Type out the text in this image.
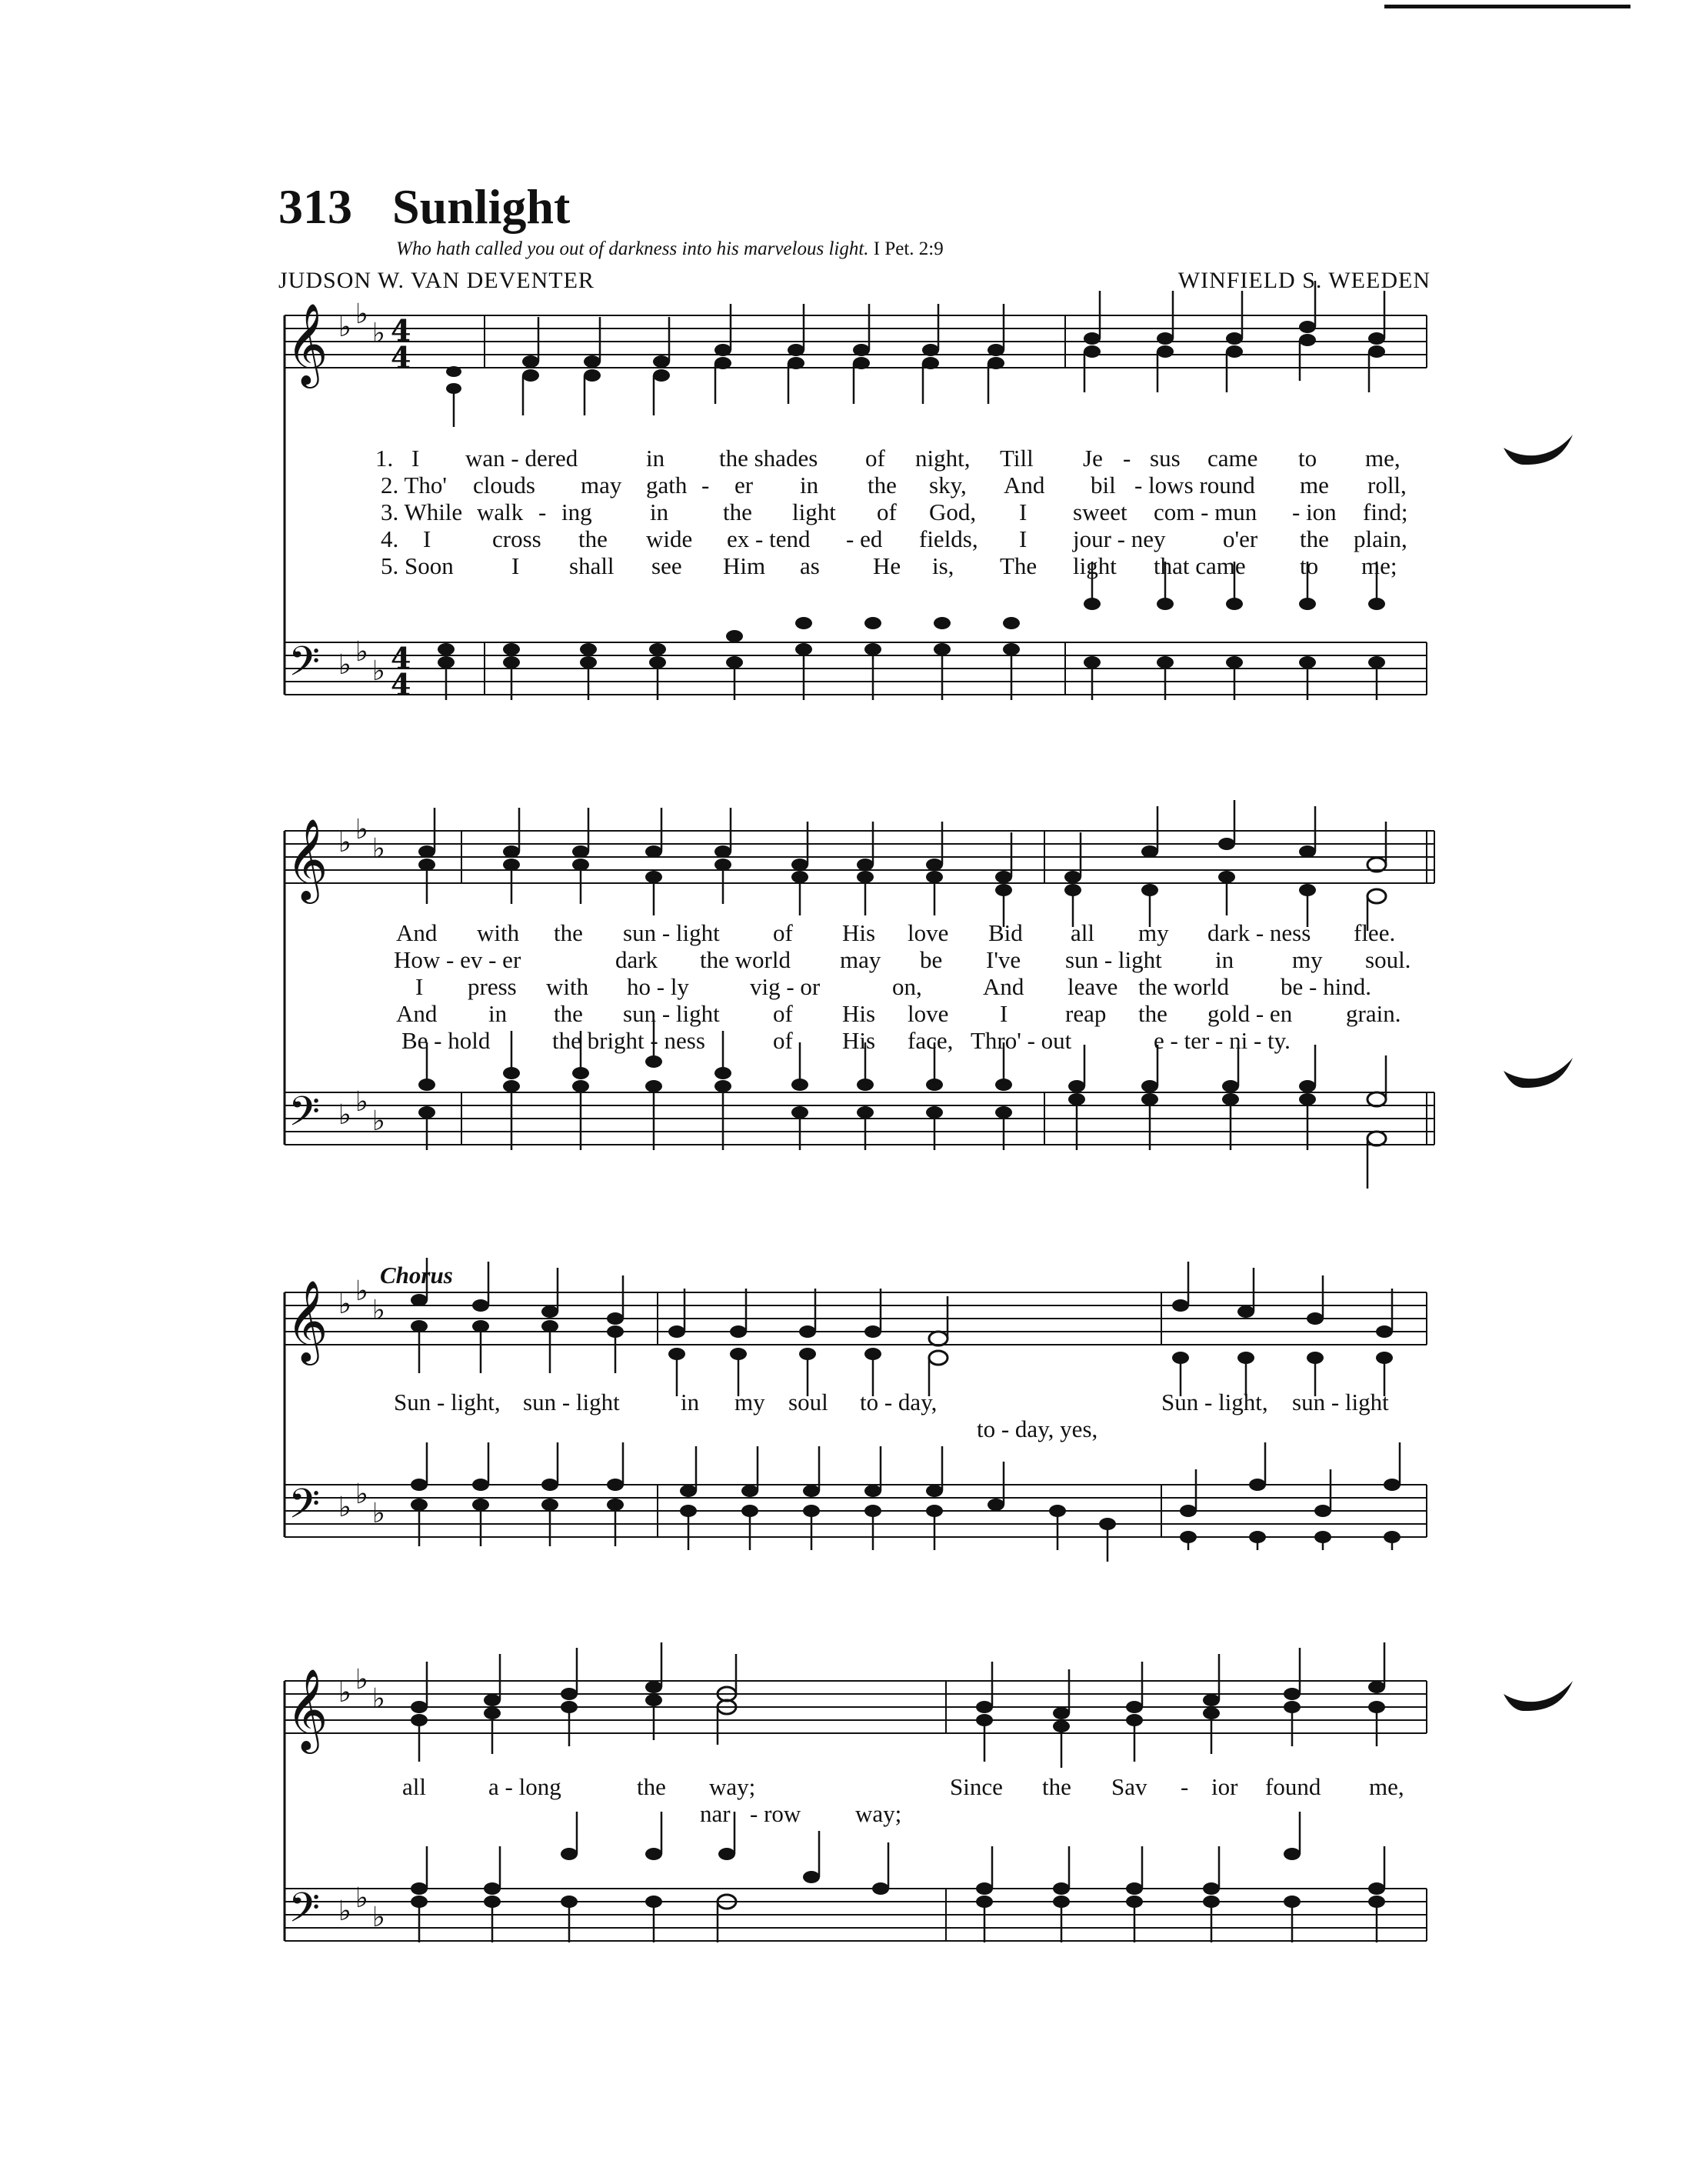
313 Sunlight
Who hath called you out of darkness into his marvelous light. I Pet. 2:9
JUDSON W. VAN DEVENTER	WINFIELD S. WEEDEN
𝄞
𝄞
𝄞
𝄞
𝄢
𝄢
𝄢
𝄢
♭ ♭
♭
♭ ♭
♭
♭ ♭
♭
♭ ♭
♭
♭ ♭
♭
♭ ♭
♭
♭ ♭
♭
♭ ♭
♭
4
4
4
4
1. I wan - dered	in the shades of night, Till Je - sus came to me,
2. Tho' clouds may gath - er in the sky, And bil - lows round me roll,
3. While walk - ing in the light of God, I sweet com - mun - ion find;
4. I	cross the wide ex - tend - ed fields, I jour - ney o'er the plain,
5. Soon I shall see Him as He is, The light that came to me;
And with the sun - light of His love Bid all my dark - ness flee.
How - ev - er	dark the world may be I've sun - light in my soul.
I press with ho - ly	vig - or	on,	And leave the world be - hind.
And in the sun - light of His love I reap the gold - en grain.
Be - hold	the bright - ness	of His face, Thro' - out	e - ter - ni - ty.
Chorus
Sun - light, sun - light	in my soul to - day,	Sun - light, sun - light
to - day, yes,
all	a - long	the way;	Since the Sav - ior found me,
nar - row way;
